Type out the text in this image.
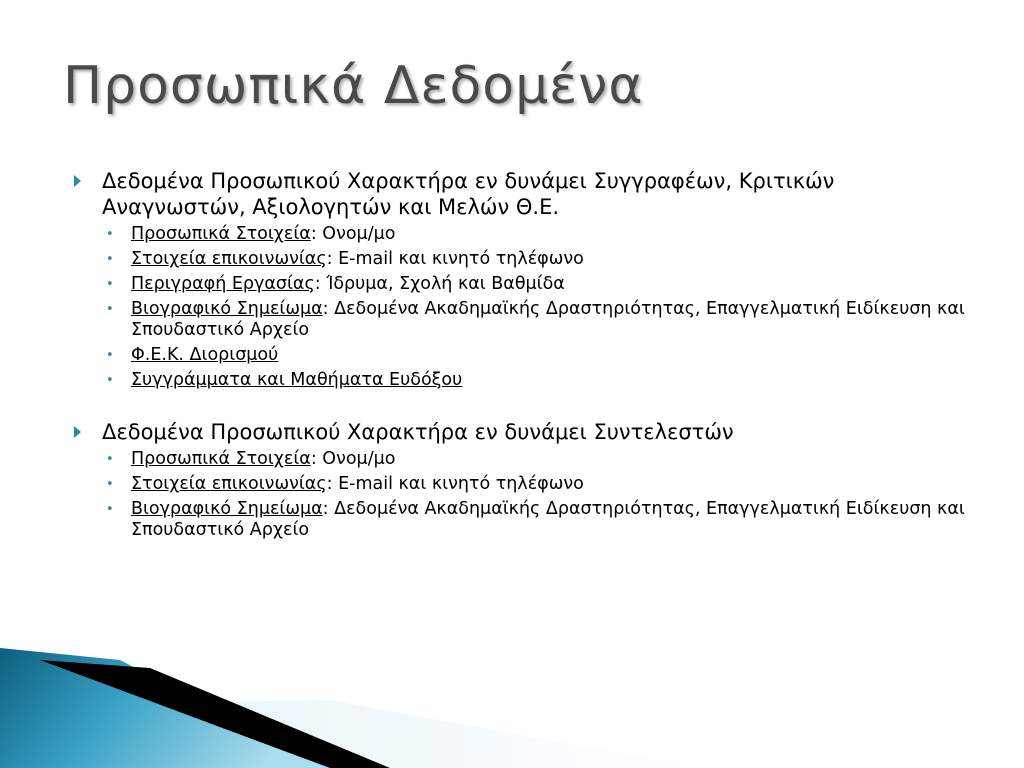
Προσωπικά Δεδομένα
Δεδομένα Προσωπικού Χαρακτήρα εν δυνάμει Συγγραφέων, Κριτικών Αναγνωστών, Αξιολογητών και Μελών Θ.Ε.
• Προσωπικά Στοιχεία: Ονομ/μο
• Στοιχεία επικοινωνίας: E-mail και κινητό τηλέφωνο
• Περιγραφή Εργασίας: Ίδρυμα, Σχολή και Βαθμίδα
• Βιογραφικό Σημείωμα: Δεδομένα Ακαδημαϊκής Δραστηριότητας, Επαγγελματική Ειδίκευση και Σπουδαστικό Αρχείο
• Φ.Ε.Κ. Διορισμού
• Συγγράμματα και Μαθήματα Ευδόξου
Δεδομένα Προσωπικού Χαρακτήρα εν δυνάμει Συντελεστών
• Προσωπικά Στοιχεία: Ονομ/μο
• Στοιχεία επικοινωνίας: E-mail και κινητό τηλέφωνο
• Βιογραφικό Σημείωμα: Δεδομένα Ακαδημαϊκής Δραστηριότητας, Επαγγελματική Ειδίκευση και Σπουδαστικό Αρχείο
